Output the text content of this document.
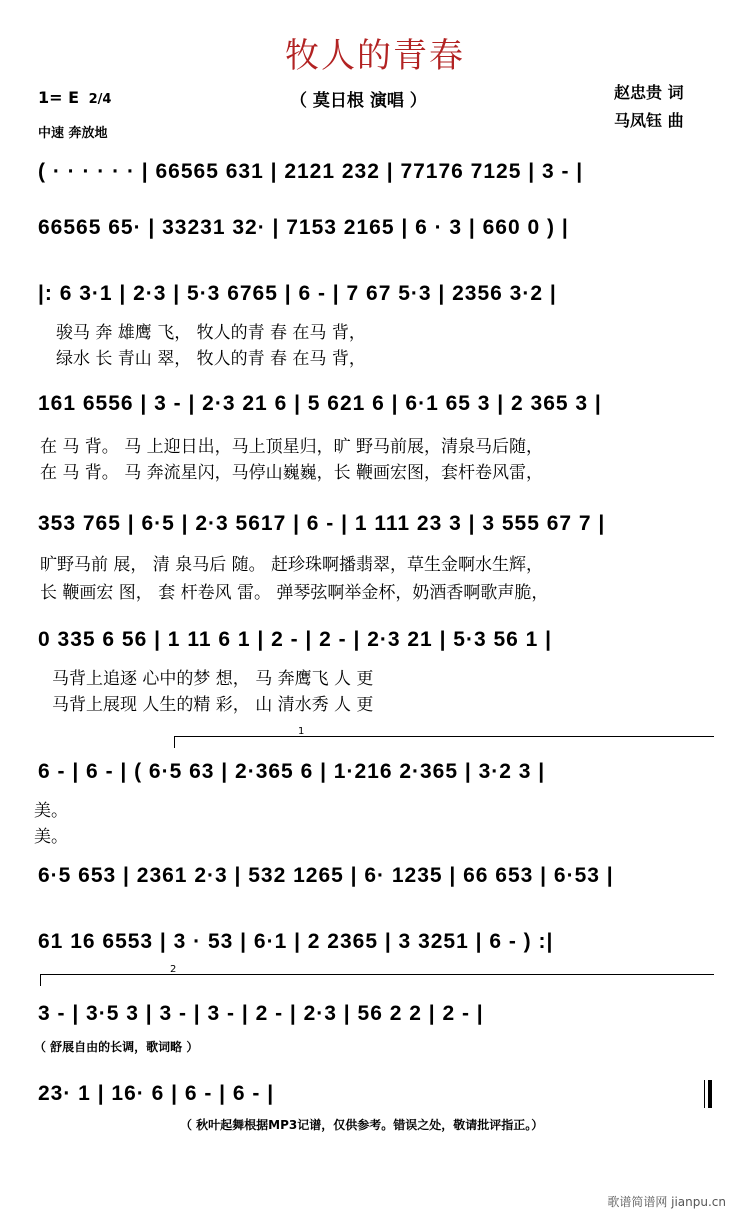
牧人的青春
（ 莫日根 演唱 ）	赵忠贵 词
马凤钰 曲
1= E 2/4
中速 奔放地
( · · · · · · | 66565 631 | 2121 232 | 77176 7125 | 3 - |
66565 65· | 33231 32· | 7153 2165 | 6 · 3 | 660 0 ) |
|: 6 3·1 | 2·3 | 5·3 6765 | 6 - | 7 67 5·3 | 2356 3·2 |
骏马 奔 雄鹰 飞， 牧人的青 春 在马 背，
绿水 长 青山 翠， 牧人的青 春 在马 背，
161 6556 | 3 - | 2·3 21 6 | 5 621 6 | 6·1 65 3 | 2 365 3 |
在 马 背。 马 上迎日出，马上顶星归，旷 野马前展，清泉马后随，
在 马 背。 马 奔流星闪，马停山巍巍，长 鞭画宏图，套杆卷风雷，
353 765 | 6·5 | 2·3 5617 | 6 - | 1 111 23 3 | 3 555 67 7 |
旷野马前 展， 清 泉马后 随。 赶珍珠啊播翡翠，草生金啊水生辉，
长 鞭画宏 图， 套 杆卷风 雷。 弹琴弦啊举金杯，奶酒香啊歌声脆，
0 335 6 56 | 1 11 6 1 | 2 - | 2 - | 2·3 21 | 5·3 56 1 |
马背上追逐 心中的梦 想， 马 奔鹰飞 人 更
马背上展现 人生的精 彩， 山 清水秀 人 更
1
6 - | 6 - | ( 6·5 63 | 2·365 6 | 1·216 2·365 | 3·2 3 |
美。
美。
6·5 653 | 2361 2·3 | 532 1265 | 6· 1235 | 66 653 | 6·53 |
61 16 6553 | 3 · 53 | 6·1 | 2 2365 | 3 3251 | 6 - ) :|
2
3 - | 3·5 3 | 3 - | 3 - | 2 - | 2·3 | 56 2 2 | 2 - |
（ 舒展自由的长调，歌词略 ）
23· 1 | 16· 6 | 6 - | 6 - |
（ 秋叶起舞根据MP3记谱，仅供参考。错误之处，敬请批评指正。）
歌谱简谱网 jianpu.cn
